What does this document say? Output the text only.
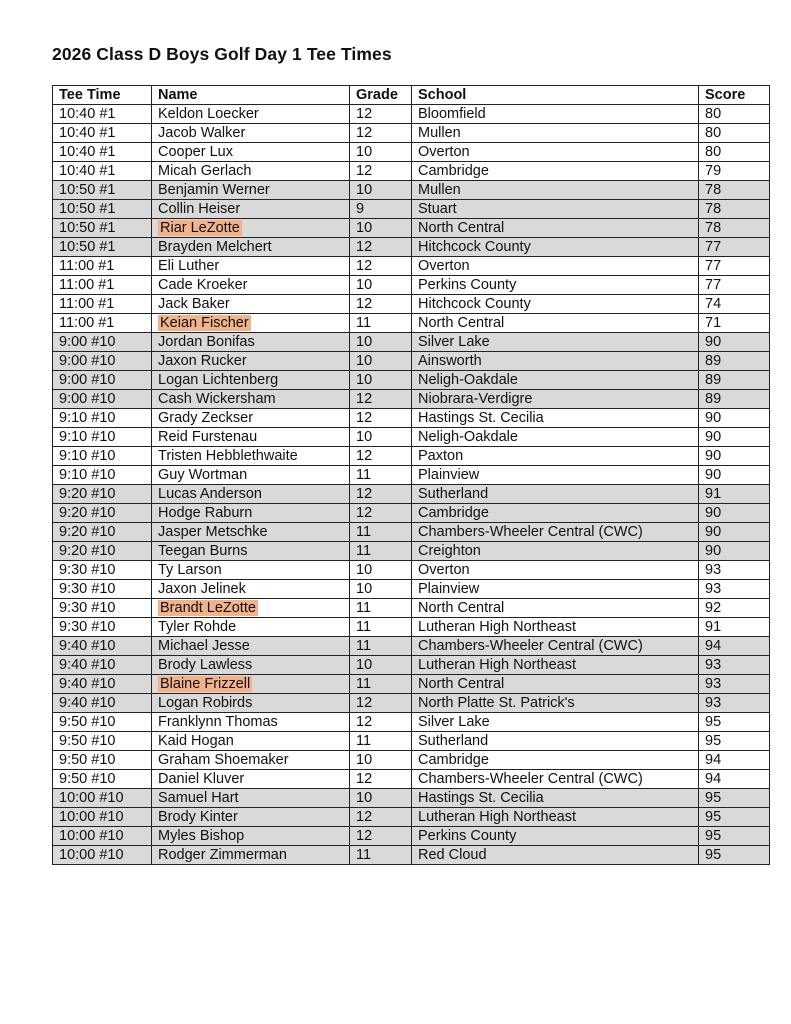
2026 Class D Boys Golf Day 1 Tee Times
Tee Time	Name	Grade	School	Score
10:40 #1	Keldon Loecker	12	Bloomfield	80
10:40 #1	Jacob Walker	12	Mullen	80
10:40 #1	Cooper Lux	10	Overton	80
10:40 #1	Micah Gerlach	12	Cambridge	79
10:50 #1	Benjamin Werner	10	Mullen	78
10:50 #1	Collin Heiser	9	Stuart	78
10:50 #1	Riar LeZotte	10	North Central	78
10:50 #1	Brayden Melchert	12	Hitchcock County	77
11:00 #1	Eli Luther	12	Overton	77
11:00 #1	Cade Kroeker	10	Perkins County	77
11:00 #1	Jack Baker	12	Hitchcock County	74
11:00 #1	Keian Fischer	11	North Central	71
9:00 #10	Jordan Bonifas	10	Silver Lake	90
9:00 #10	Jaxon Rucker	10	Ainsworth	89
9:00 #10	Logan Lichtenberg	10	Neligh-Oakdale	89
9:00 #10	Cash Wickersham	12	Niobrara-Verdigre	89
9:10 #10	Grady Zeckser	12	Hastings St. Cecilia	90
9:10 #10	Reid Furstenau	10	Neligh-Oakdale	90
9:10 #10	Tristen Hebblethwaite	12	Paxton	90
9:10 #10	Guy Wortman	11	Plainview	90
9:20 #10	Lucas Anderson	12	Sutherland	91
9:20 #10	Hodge Raburn	12	Cambridge	90
9:20 #10	Jasper Metschke	11	Chambers-Wheeler Central (CWC)	90
9:20 #10	Teegan Burns	11	Creighton	90
9:30 #10	Ty Larson	10	Overton	93
9:30 #10	Jaxon Jelinek	10	Plainview	93
9:30 #10	Brandt LeZotte	11	North Central	92
9:30 #10	Tyler Rohde	11	Lutheran High Northeast	91
9:40 #10	Michael Jesse	11	Chambers-Wheeler Central (CWC)	94
9:40 #10	Brody Lawless	10	Lutheran High Northeast	93
9:40 #10	Blaine Frizzell	11	North Central	93
9:40 #10	Logan Robirds	12	North Platte St. Patrick's	93
9:50 #10	Franklynn Thomas	12	Silver Lake	95
9:50 #10	Kaid Hogan	11	Sutherland	95
9:50 #10	Graham Shoemaker	10	Cambridge	94
9:50 #10	Daniel Kluver	12	Chambers-Wheeler Central (CWC)	94
10:00 #10	Samuel Hart	10	Hastings St. Cecilia	95
10:00 #10	Brody Kinter	12	Lutheran High Northeast	95
10:00 #10	Myles Bishop	12	Perkins County	95
10:00 #10	Rodger Zimmerman	11	Red Cloud	95
